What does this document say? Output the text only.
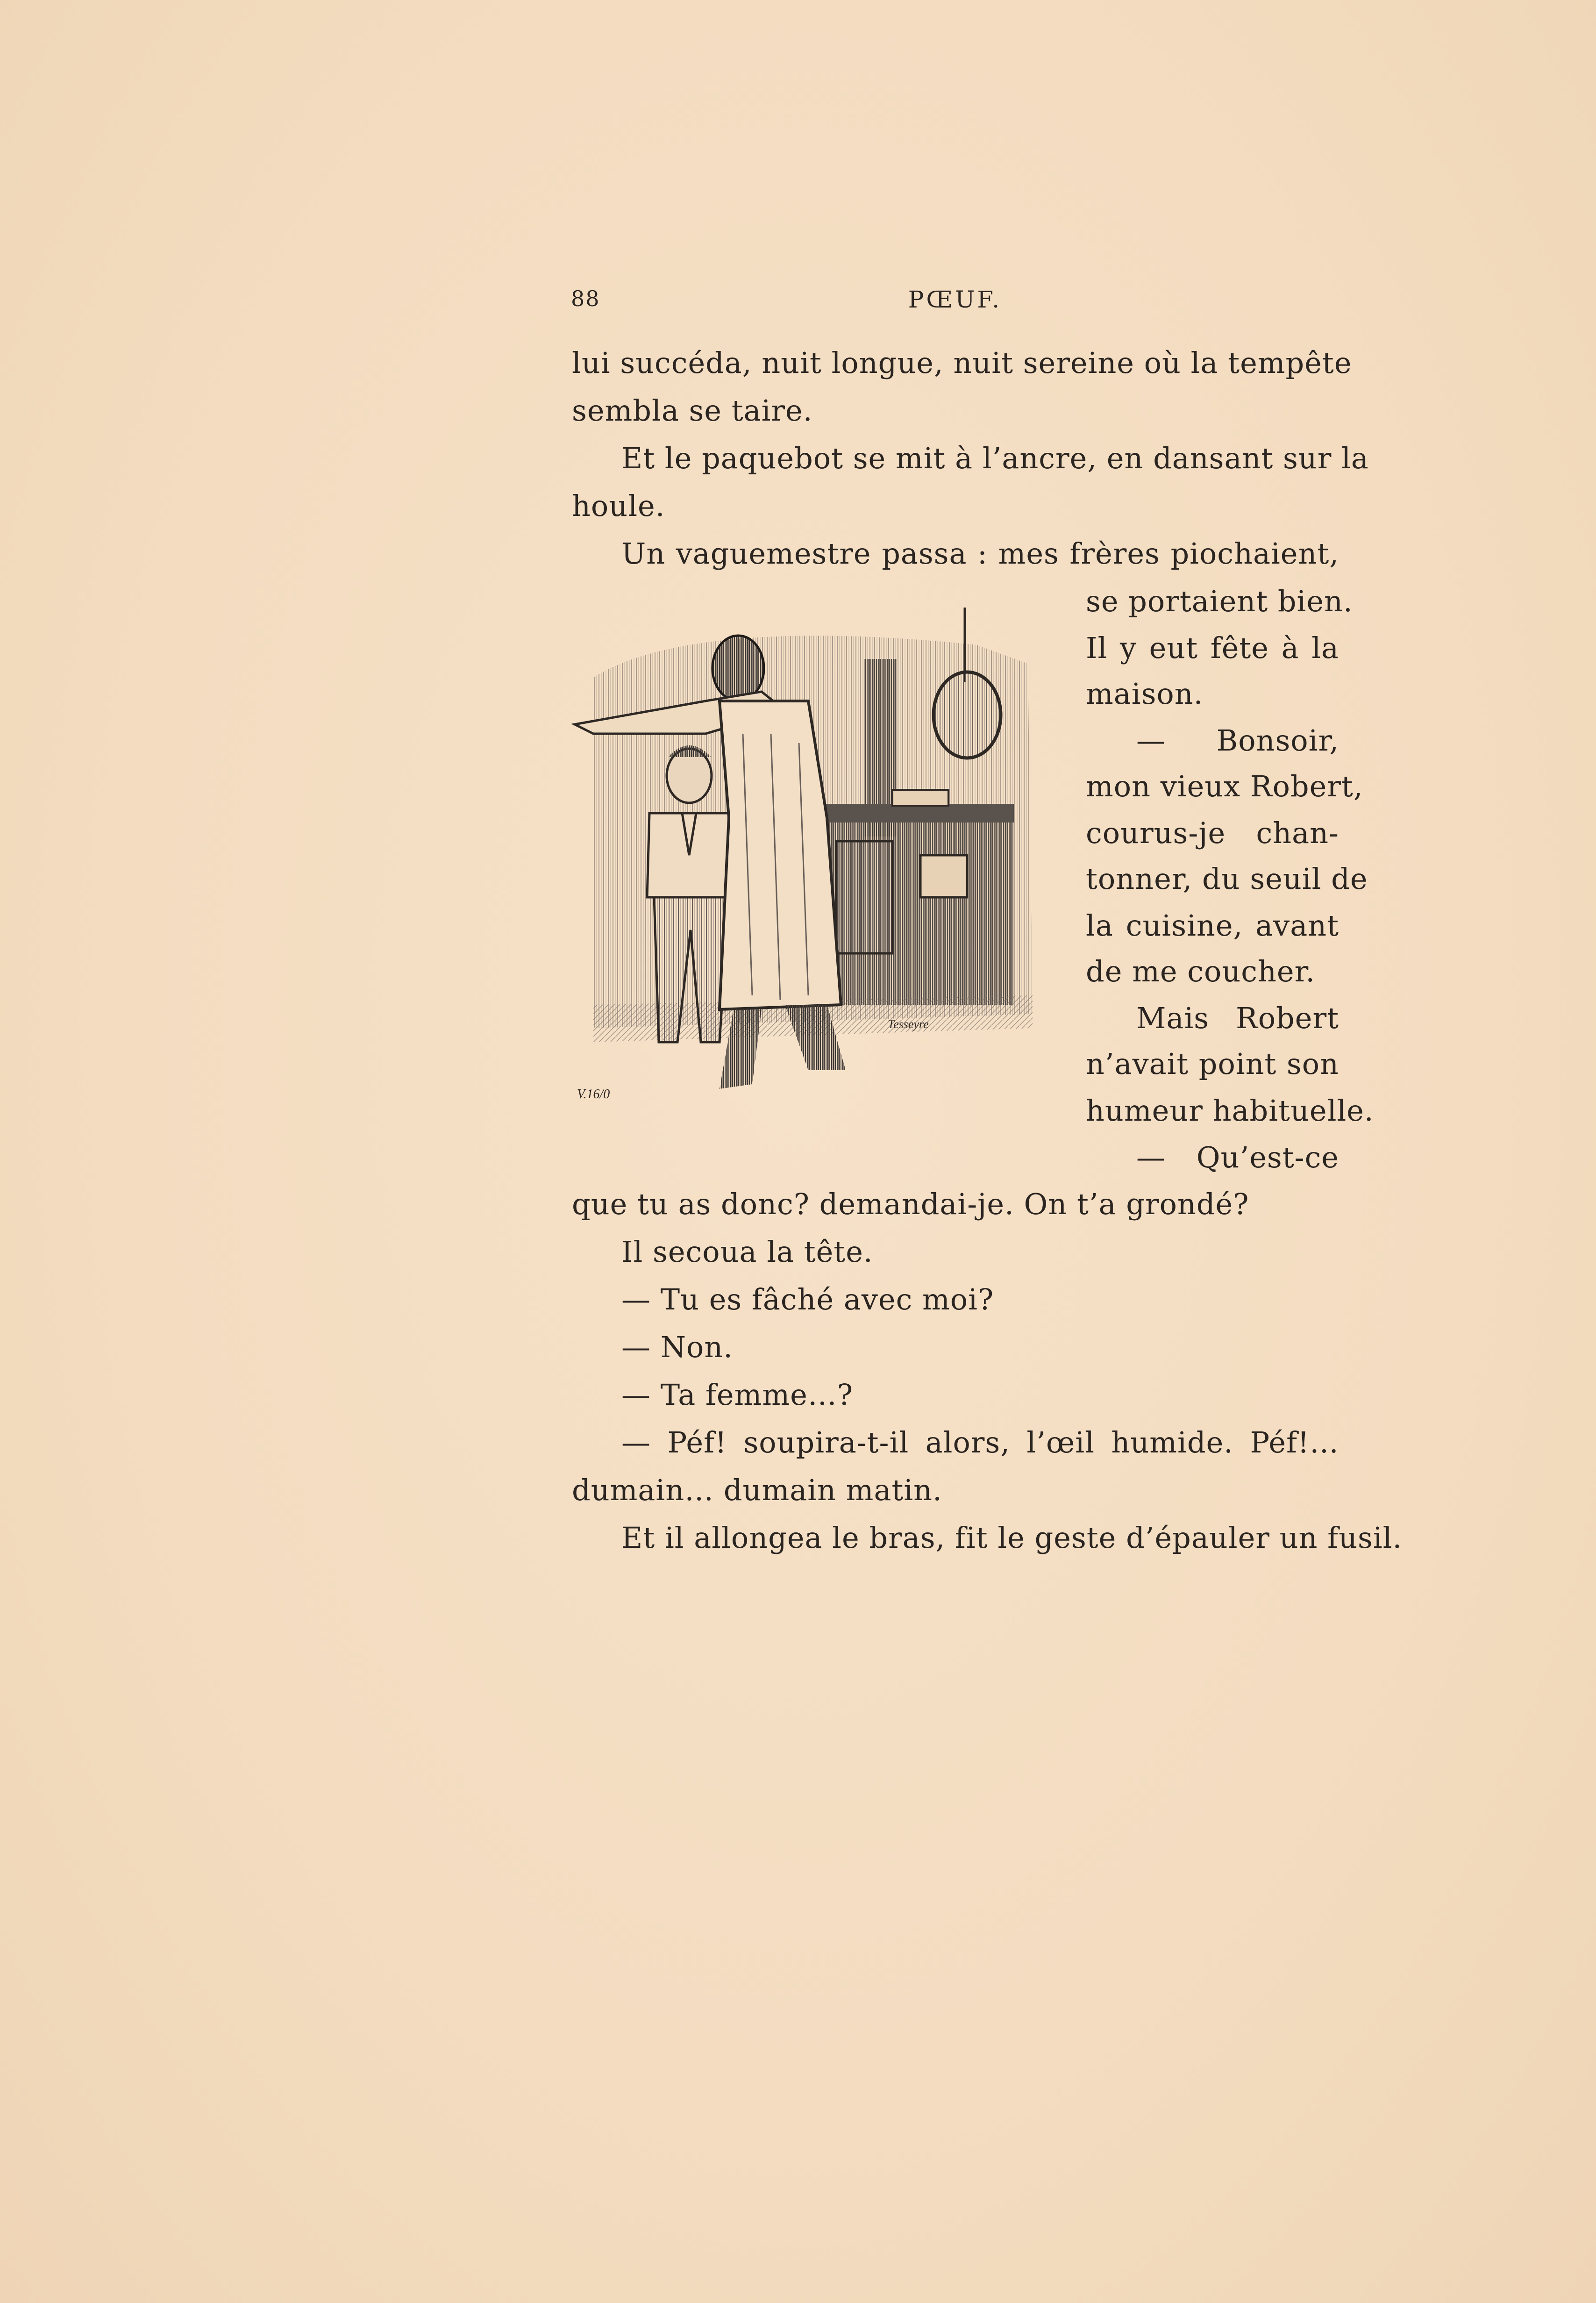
88	PŒUF.
lui succéda, nuit longue, nuit sereine où la tempête
sembla se taire.
Et le paquebot se mit à l’ancre, en dansant sur la
houle.
Un vaguemestre passa : mes frères piochaient,
se portaient bien.
Il y eut fête à la
maison.
— Bonsoir,
mon vieux Robert,
courus-je chan-
tonner, du seuil de
la cuisine, avant
de me coucher.
Mais Robert
n’avait point son
humeur habituelle.
— Qu’est-ce
que tu as donc? demandai-je. On t’a grondé?
Il secoua la tête.
— Tu es fâché avec moi?
— Non.
— Ta femme…?
— Péf! soupira-t-il alors, l’œil humide. Péf!…
dumain… dumain matin.
Et il allongea le bras, fit le geste d’épauler un fusil.
Tesseyre
V.16/0
